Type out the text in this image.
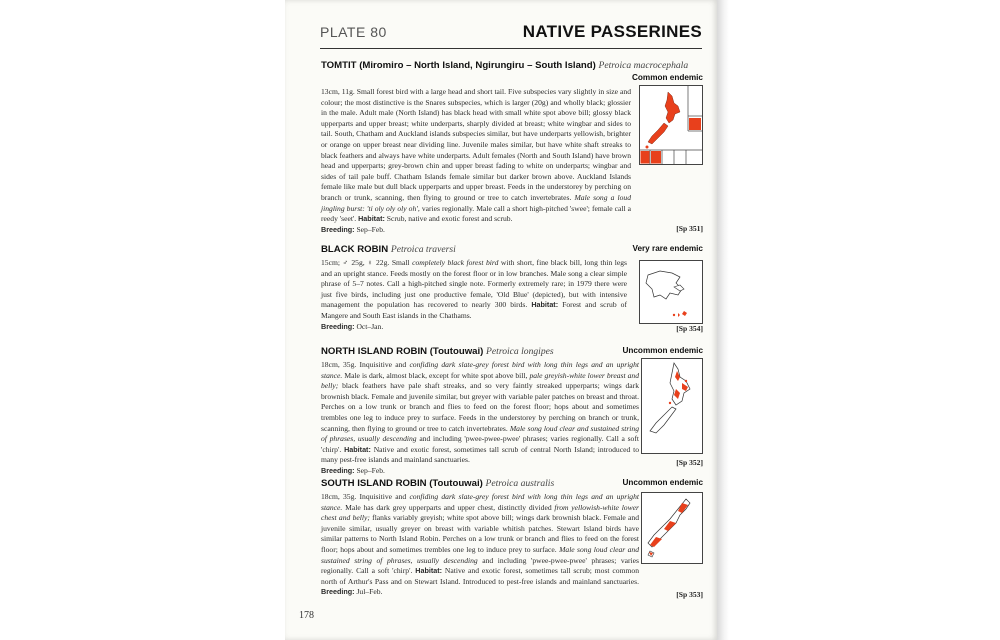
PLATE 80	NATIVE PASSERINES
TOMTIT (Miromiro – North Island, Ngirungiru – South Island) Petroica macrocephala
Common endemic
13cm, 11g. Small forest bird with a large head and short tail. Five subspecies vary slightly in size and colour; the most distinctive is the Snares subspecies, which is larger (20g) and wholly black; glossier in the male. Adult male (North Island) has black head with small white spot above bill; glossy black upperparts and upper breast; white underparts, sharply divided at breast; white wingbar and sides to tail. South, Chatham and Auckland islands subspecies similar, but have underparts yellowish, brighter or orange on upper breast near dividing line. Juvenile males similar, but have white shaft streaks to black feathers and always have white underparts. Adult females (North and South Island) have brown head and upperparts; grey-brown chin and upper breast fading to white on underparts; wingbar and sides of tail pale buff. Chatham Islands female similar but darker brown above. Auckland Islands female like male but dull black upperparts and upper breast. Feeds in the understorey by perching on branch or trunk, scanning, then flying to ground or tree to catch invertebrates. Male song a loud jingling burst: 'ti oly oly oly oh', varies regionally. Male call a short high-pitched 'swee'; female call a reedy 'seet'. Habitat: Scrub, native and exotic forest and scrub.
Breeding: Sep–Feb.	[Sp 351]
BLACK ROBIN Petroica traversi	Very rare endemic
15cm; ♂ 25g, ♀ 22g. Small completely black forest bird with short, fine black bill, long thin legs and an upright stance. Feeds mostly on the forest floor or in low branches. Male song a clear simple phrase of 5–7 notes. Call a high-pitched single note. Formerly extremely rare; in 1979 there were just five birds, including just one productive female, 'Old Blue' (depicted), but with intensive management the population has recovered to nearly 300 birds. Habitat: Forest and scrub of Mangere and South East islands in the Chathams.
Breeding: Oct–Jan.	[Sp 354]
NORTH ISLAND ROBIN (Toutouwai) Petroica longipes	Uncommon endemic
18cm, 35g. Inquisitive and confiding dark slate-grey forest bird with long thin legs and an upright stance. Male is dark, almost black, except for white spot above bill, pale greyish-white lower breast and belly; black feathers have pale shaft streaks, and so very faintly streaked upperparts; wings dark brownish black. Female and juvenile similar, but greyer with variable paler patches on breast and throat. Perches on a low trunk or branch and flies to feed on the forest floor; hops about and sometimes trembles one leg to induce prey to surface. Feeds in the understorey by perching on branch or trunk, scanning, then flying to ground or tree to catch invertebrates. Male song loud clear and sustained string of phrases, usually descending and including 'pwee-pwee-pwee' phrases; varies regionally. Call a soft 'chirp'. Habitat: Native and exotic forest, sometimes tall scrub of central North Island; introduced to many pest-free islands and mainland sanctuaries.
Breeding: Sep–Feb.
[Sp 352]
SOUTH ISLAND ROBIN (Toutouwai) Petroica australis	Uncommon endemic
18cm, 35g. Inquisitive and confiding dark slate-grey forest bird with long thin legs and an upright stance. Male has dark grey upperparts and upper chest, distinctly divided from yellowish-white lower chest and belly; flanks variably greyish; white spot above bill; wings dark brownish black. Female and juvenile similar, usually greyer on breast with variable whitish patches. Stewart Island birds have similar patterns to North Island Robin. Perches on a low trunk or branch and flies to feed on the forest floor; hops about and sometimes trembles one leg to induce prey to surface. Male song loud clear and sustained string of phrases, usually descending and including 'pwee-pwee-pwee' phrases; varies regionally. Call a soft 'chirp'. Habitat: Native and exotic forest, sometimes tall scrub; most common north of Arthur's Pass and on Stewart Island. Introduced to pest-free islands and mainland sanctuaries. Breeding: Jul–Feb.	[Sp 353]
178
